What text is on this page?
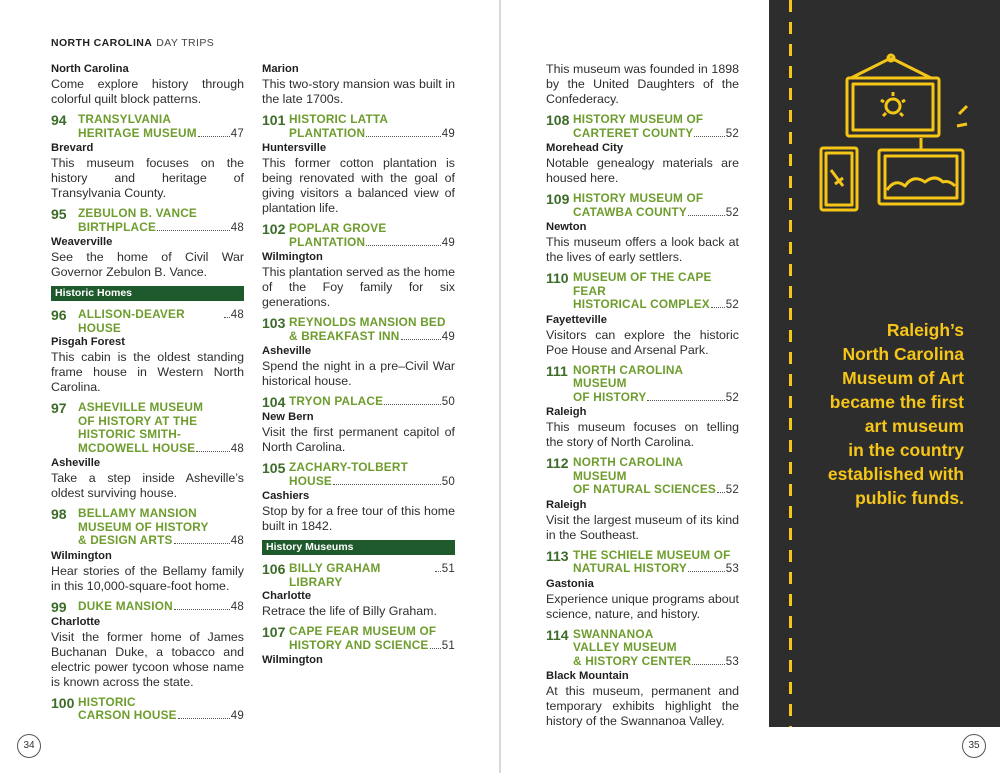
NORTH CAROLINA DAY TRIPS

North Carolina

Come explore history through colorful quilt block patterns.

94 TRANSYLVANIA
HERITAGE MUSEUM	47

Brevard

This museum focuses on the history and heritage of Transylvania County.

95 ZEBULON B. VANCE
BIRTHPLACE	48

Weaverville

See the home of Civil War Governor Zebulon B. Vance.

Historic Homes
96 ALLISON-DEAVER HOUSE
48

Pisgah Forest

This cabin is the oldest standing frame house in Western North Carolina.

97 ASHEVILLE MUSEUM
OF HISTORY AT THE
HISTORIC SMITH-
MCDOWELL HOUSE	48

Asheville

Take a step inside Asheville’s oldest surviving house.

98 BELLAMY MANSION
MUSEUM OF HISTORY
& DESIGN ARTS	48

Wilmington

Hear stories of the Bellamy family in this 10,000-square-foot home.

99 DUKE MANSION	48

Charlotte

Visit the former home of James Buchanan Duke, a tobacco and electric power tycoon whose name is known across the state.

100 HISTORIC
CARSON HOUSE	49

Marion

This two-story mansion was built in the late 1700s.

101 HISTORIC LATTA
PLANTATION	49

Huntersville

This former cotton plantation is being renovated with the goal of giving visitors a balanced view of plantation life.

102 POPLAR GROVE
PLANTATION	49

Wilmington

This plantation served as the home of the Foy family for six generations.

103 REYNOLDS MANSION BED
& BREAKFAST INN	49

Asheville

Spend the night in a pre–Civil War historical house.

104 TRYON PALACE	50

New Bern

Visit the first permanent capitol of North Carolina.

105 ZACHARY-TOLBERT
HOUSE	50

Cashiers

Stop by for a free tour of this home built in 1842.

History Museums
106 BILLY GRAHAM LIBRARY
51

Charlotte

Retrace the life of Billy Graham.

107 CAPE FEAR MUSEUM OF
HISTORY AND SCIENCE 51

Wilmington

34

This museum was founded in 1898 by the United Daughters of the Confederacy.

108 HISTORY MUSEUM OF
CARTERET COUNTY	52

Morehead City

Notable genealogy materials are housed here.

109 HISTORY MUSEUM OF
CATAWBA COUNTY	52

Newton

This museum offers a look back at the lives of early settlers.

110 MUSEUM OF THE CAPE FEAR
HISTORICAL COMPLEX 52

Fayetteville

Visitors can explore the historic Poe House and Arsenal Park.

111 NORTH CAROLINA MUSEUM
OF HISTORY	52

Raleigh

This museum focuses on telling the story of North Carolina.

112 NORTH CAROLINA MUSEUM
OF NATURAL SCIENCES 52

Raleigh

Visit the largest museum of its kind in the Southeast.

113 THE SCHIELE MUSEUM OF
NATURAL HISTORY	53

Gastonia

Experience unique programs about science, nature, and history.

114 SWANNANOA
VALLEY MUSEUM
& HISTORY CENTER	53

Black Mountain

At this museum, permanent and temporary exhibits highlight the history of the Swannanoa Valley.

Raleigh’s
North Carolina
Museum of Art
became the first
art museum
in the country
established with
public funds.
35
